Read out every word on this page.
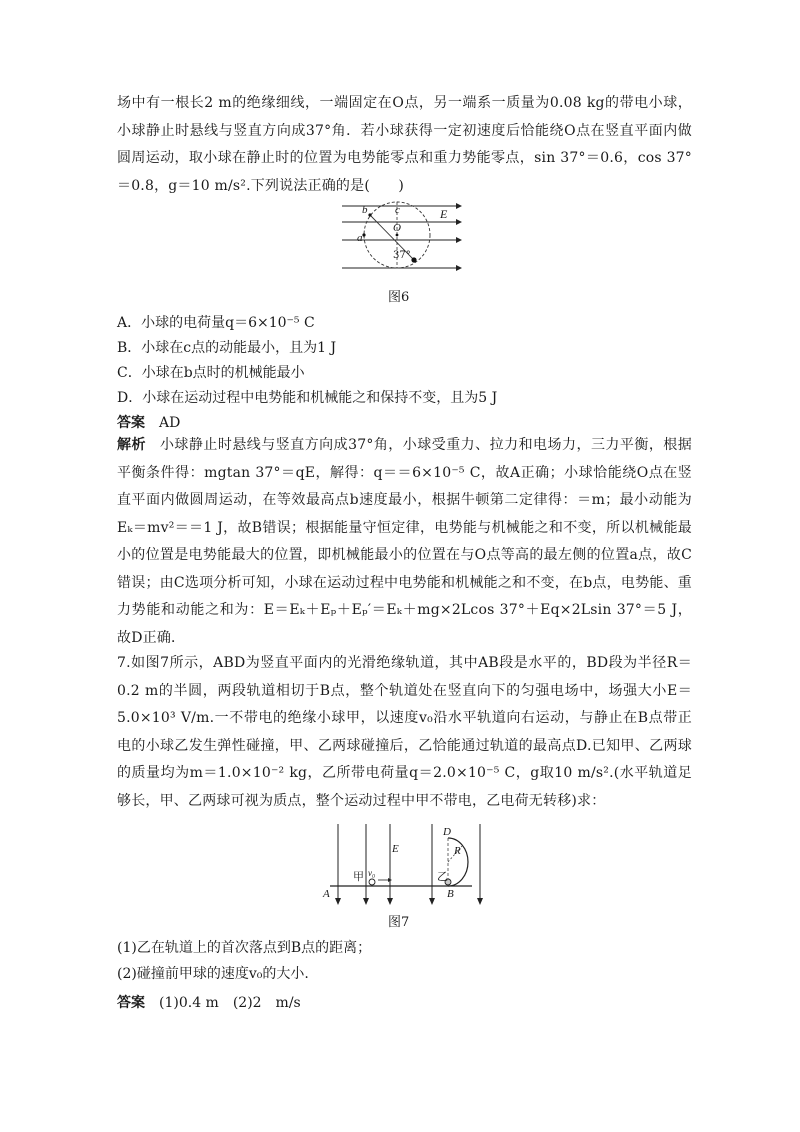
场中有一根长2 m的绝缘细线，一端固定在O点，另一端系一质量为0.08 kg的带电小球，小球静止时悬线与竖直方向成37°角．若小球获得一定初速度后恰能绕O点在竖直平面内做圆周运动，取小球在静止时的位置为电势能零点和重力势能零点，sin 37°＝0.6，cos 37°＝0.8，g＝10 m/s².下列说法正确的是(　　)

E
b	c
O
a
37°
图6

A．小球的电荷量q＝6×10⁻⁵ C

B．小球在c点的动能最小，且为1 J

C．小球在b点时的机械能最小

D．小球在运动过程中电势能和机械能之和保持不变，且为5 J

答案 AD

解析 小球静止时悬线与竖直方向成37°角，小球受重力、拉力和电场力，三力平衡，根据平衡条件得：mgtan 37°＝qE，解得：q＝＝6×10⁻⁵ C，故A正确；小球恰能绕O点在竖直平面内做圆周运动，在等效最高点b速度最小，根据牛顿第二定律得：＝m；最小动能为Eₖ＝mv²＝＝1 J，故B错误；根据能量守恒定律，电势能与机械能之和不变，所以机械能最小的位置是电势能最大的位置，即机械能最小的位置在与O点等高的最左侧的位置a点，故C错误；由C选项分析可知，小球在运动过程中电势能和机械能之和不变，在b点，电势能、重力势能和动能之和为：E＝Eₖ＋Eₚ＋Eₚ′＝Eₖ＋mg×2Lcos 37°＋Eq×2Lsin 37°＝5 J，故D正确．

7.如图7所示，ABD为竖直平面内的光滑绝缘轨道，其中AB段是水平的，BD段为半径R＝0.2 m的半圆，两段轨道相切于B点，整个轨道处在竖直向下的匀强电场中，场强大小E＝5.0×10³ V/m.一不带电的绝缘小球甲，以速度v₀沿水平轨道向右运动，与静止在B点带正电的小球乙发生弹性碰撞，甲、乙两球碰撞后，乙恰能通过轨道的最高点D.已知甲、乙两球的质量均为m＝1.0×10⁻² kg，乙所带电荷量q＝2.0×10⁻⁵ C，g取10 m/s².(水平轨道足够长，甲、乙两球可视为质点，整个运动过程中甲不带电，乙电荷无转移)求：

E
D
R
甲 v₀	乙
A	B
图7

(1)乙在轨道上的首次落点到B点的距离；

(2)碰撞前甲球的速度v₀的大小.

答案 (1)0.4 m　(2)2　m/s
